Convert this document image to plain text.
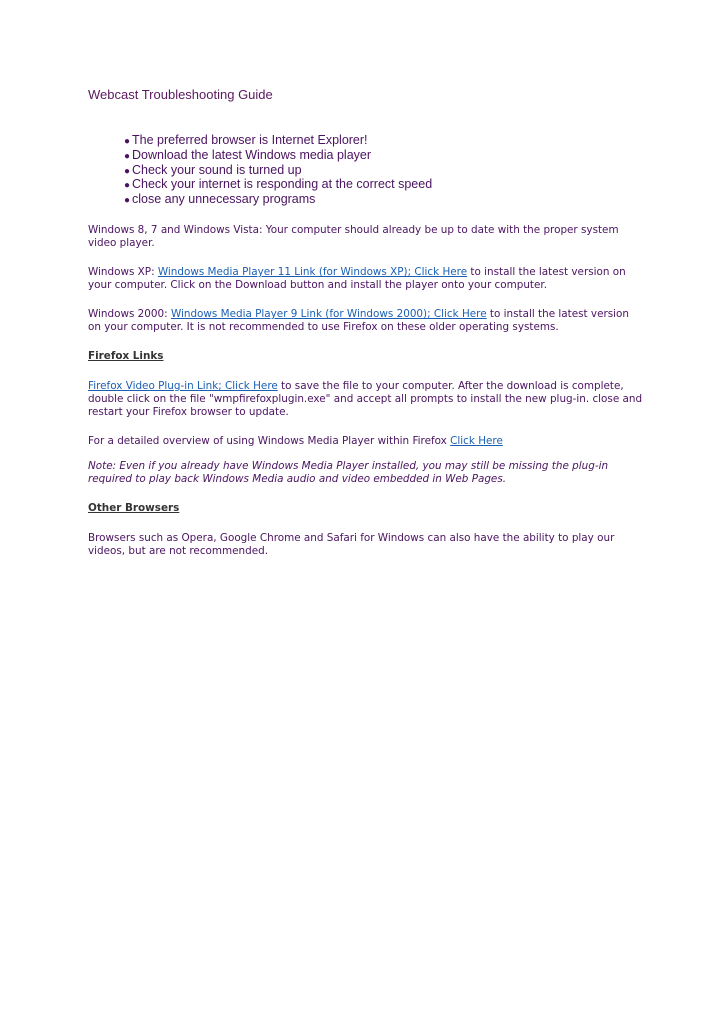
Webcast Troubleshooting Guide
● The preferred browser is Internet Explorer!
● Download the latest Windows media player
● Check your sound is turned up
● Check your internet is responding at the correct speed
● close any unnecessary programs

Windows 8, 7 and Windows Vista: Your computer should already be up to date with the proper system video player.

Windows XP: Windows Media Player 11 Link (for Windows XP); Click Here to install the latest version on your computer. Click on the Download button and install the player onto your computer.

Windows 2000: Windows Media Player 9 Link (for Windows 2000); Click Here to install the latest version on your computer. It is not recommended to use Firefox on these older operating systems.

Firefox Links

Firefox Video Plug-in Link; Click Here to save the file to your computer. After the download is complete, double click on the file "wmpfirefoxplugin.exe" and accept all prompts to install the new plug-in. close and restart your Firefox browser to update.

For a detailed overview of using Windows Media Player within Firefox Click Here

Note: Even if you already have Windows Media Player installed, you may still be missing the plug-in required to play back Windows Media audio and video embedded in Web Pages.

Other Browsers

Browsers such as Opera, Google Chrome and Safari for Windows can also have the ability to play our videos, but are not recommended.
